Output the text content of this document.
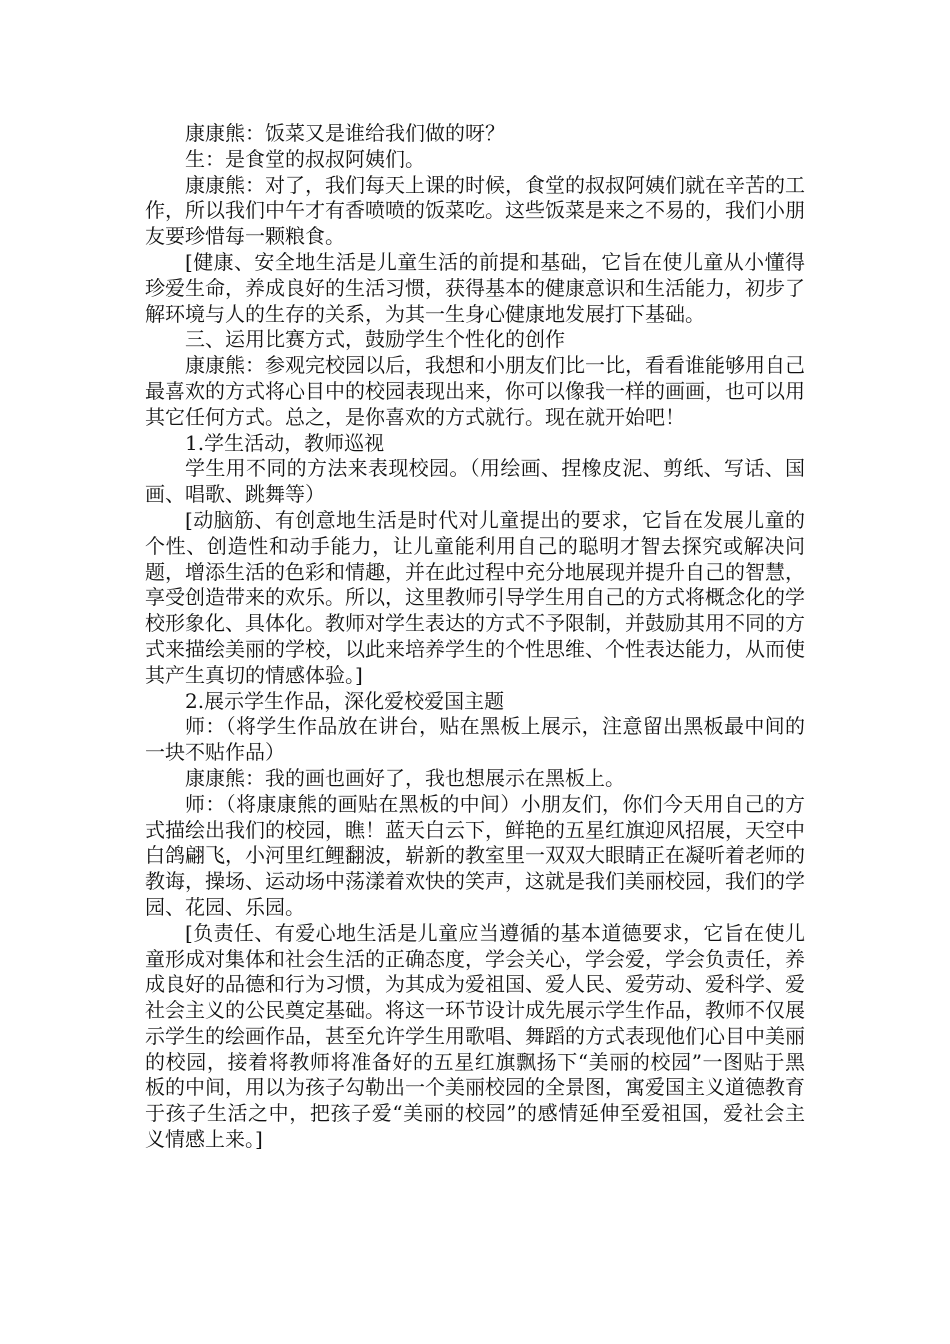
康康熊：饭菜又是谁给我们做的呀？

生：是食堂的叔叔阿姨们。

康康熊：对了，我们每天上课的时候，食堂的叔叔阿姨们就在辛苦的工作，所以我们中午才有香喷喷的饭菜吃。这些饭菜是来之不易的，我们小朋友要珍惜每一颗粮食。

[健康、安全地生活是儿童生活的前提和基础，它旨在使儿童从小懂得珍爱生命，养成良好的生活习惯，获得基本的健康意识和生活能力，初步了解环境与人的生存的关系，为其一生身心健康地发展打下基础。

三、运用比赛方式，鼓励学生个性化的创作

康康熊：参观完校园以后，我想和小朋友们比一比，看看谁能够用自己最喜欢的方式将心目中的校园表现出来，你可以像我一样的画画，也可以用其它任何方式。总之，是你喜欢的方式就行。现在就开始吧！

1.学生活动，教师巡视

学生用不同的方法来表现校园。（用绘画、捏橡皮泥、剪纸、写话、国画、唱歌、跳舞等）

[动脑筋、有创意地生活是时代对儿童提出的要求，它旨在发展儿童的个性、创造性和动手能力，让儿童能利用自己的聪明才智去探究或解决问题，增添生活的色彩和情趣，并在此过程中充分地展现并提升自己的智慧，享受创造带来的欢乐。所以，这里教师引导学生用自己的方式将概念化的学校形象化、具体化。教师对学生表达的方式不予限制，并鼓励其用不同的方式来描绘美丽的学校，以此来培养学生的个性思维、个性表达能力，从而使其产生真切的情感体验。]

2.展示学生作品，深化爱校爱国主题

师：（将学生作品放在讲台，贴在黑板上展示，注意留出黑板最中间的一块不贴作品）

康康熊：我的画也画好了，我也想展示在黑板上。

师：（将康康熊的画贴在黑板的中间）小朋友们，你们今天用自己的方式描绘出我们的校园，瞧！蓝天白云下，鲜艳的五星红旗迎风招展，天空中白鸽翩飞，小河里红鲤翻波，崭新的教室里一双双大眼睛正在凝听着老师的教诲，操场、运动场中荡漾着欢快的笑声，这就是我们美丽校园，我们的学园、花园、乐园。

[负责任、有爱心地生活是儿童应当遵循的基本道德要求，它旨在使儿童形成对集体和社会生活的正确态度，学会关心，学会爱，学会负责任，养成良好的品德和行为习惯，为其成为爱祖国、爱人民、爱劳动、爱科学、爱社会主义的公民奠定基础。将这一环节设计成先展示学生作品，教师不仅展示学生的绘画作品，甚至允许学生用歌唱、舞蹈的方式表现他们心目中美丽的校园，接着将教师将准备好的五星红旗飘扬下“美丽的校园”一图贴于黑板的中间，用以为孩子勾勒出一个美丽校园的全景图，寓爱国主义道德教育于孩子生活之中，把孩子爱“美丽的校园”的感情延伸至爱祖国，爱社会主义情感上来。]
